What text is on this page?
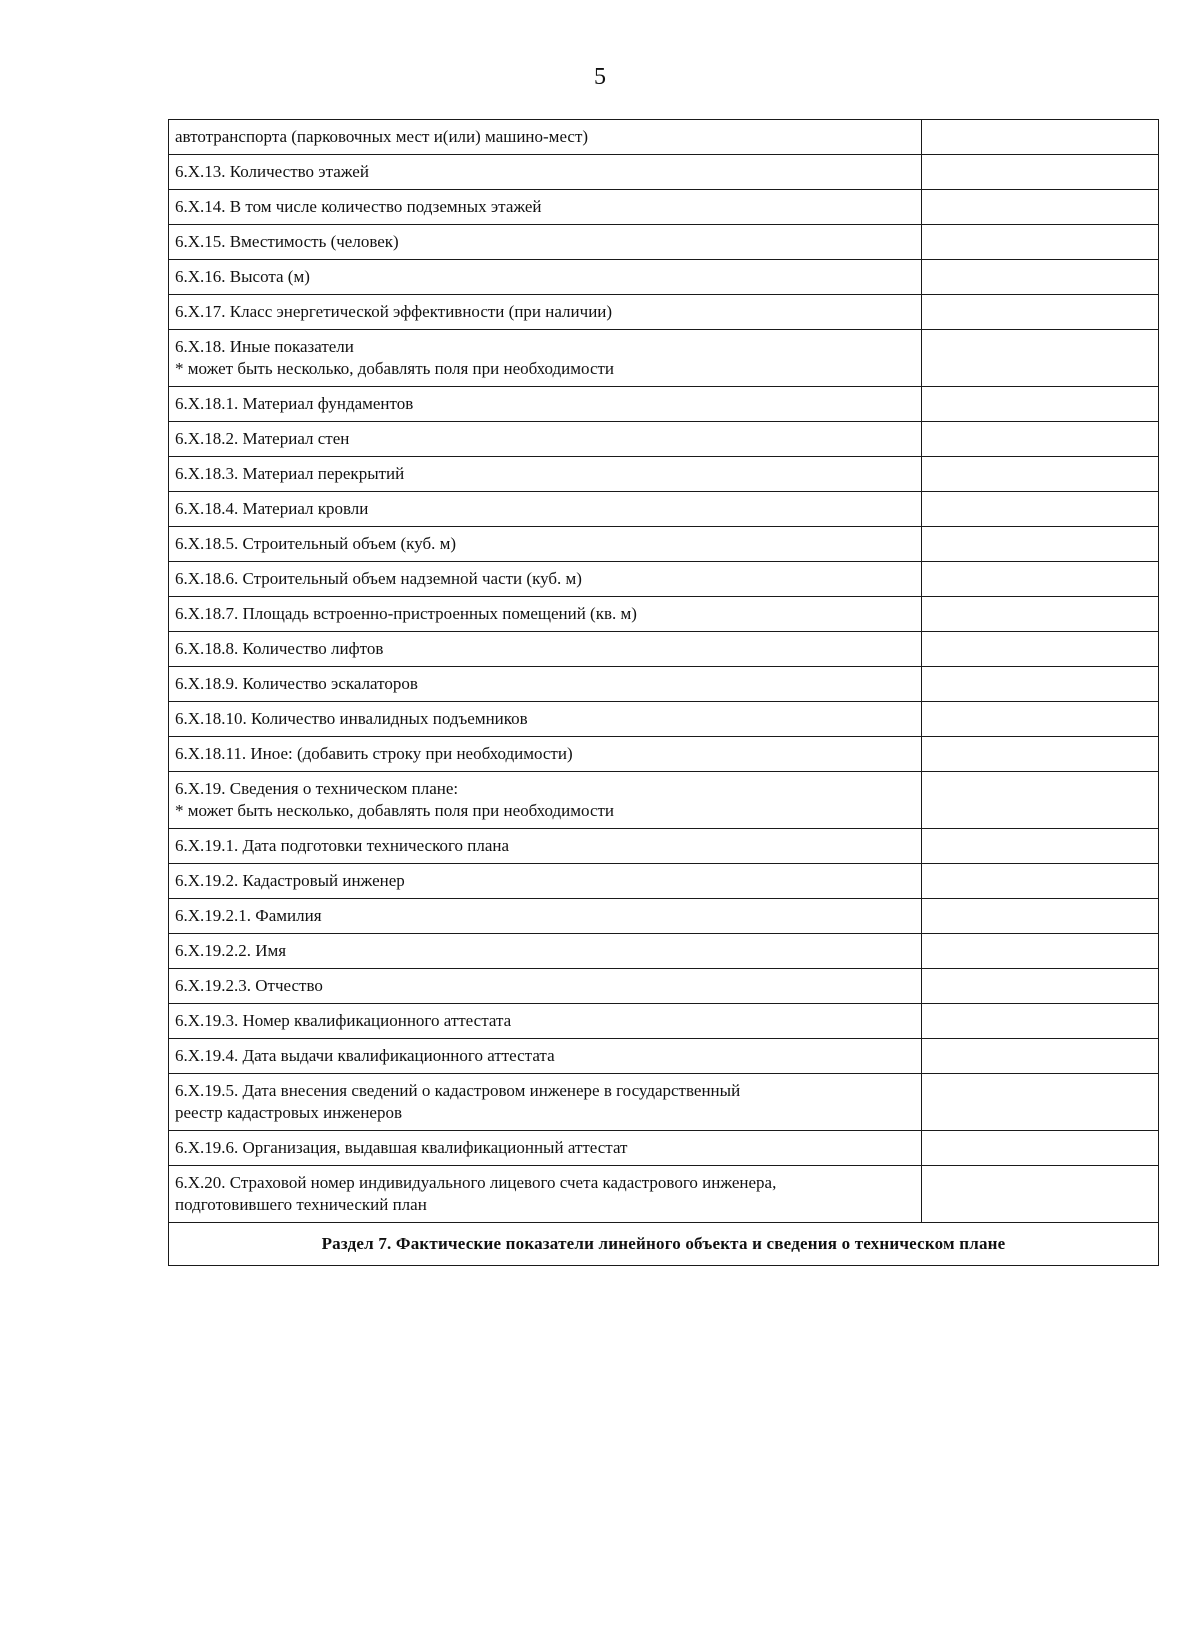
5
автотранспорта (парковочных мест и(или) машино-мест)	

6.X.13. Количество этажей	

6.X.14. В том числе количество подземных этажей	

6.X.15. Вместимость (человек)	

6.X.16. Высота (м)	

6.X.17. Класс энергетической эффективности (при наличии)	

6.X.18. Иные показатели
* может быть несколько, добавлять поля при необходимости	

6.X.18.1. Материал фундаментов	

6.X.18.2. Материал стен	

6.X.18.3. Материал перекрытий	

6.X.18.4. Материал кровли	

6.X.18.5. Строительный объем (куб. м)	

6.X.18.6. Строительный объем надземной части (куб. м)	

6.X.18.7. Площадь встроенно-пристроенных помещений (кв. м)	

6.X.18.8. Количество лифтов	

6.X.18.9. Количество эскалаторов	

6.X.18.10. Количество инвалидных подъемников	

6.X.18.11. Иное: (добавить строку при необходимости)	

6.X.19. Сведения о техническом плане:
* может быть несколько, добавлять поля при необходимости	

6.X.19.1. Дата подготовки технического плана	

6.X.19.2. Кадастровый инженер	

6.X.19.2.1. Фамилия	

6.X.19.2.2. Имя	

6.X.19.2.3. Отчество	

6.X.19.3. Номер квалификационного аттестата	

6.X.19.4. Дата выдачи квалификационного аттестата	

6.X.19.5. Дата внесения сведений о кадастровом инженере в государственный
реестр кадастровых инженеров	

6.X.19.6. Организация, выдавшая квалификационный аттестат	

6.X.20. Страховой номер индивидуального лицевого счета кадастрового инженера,
подготовившего технический план	

Раздел 7. Фактические показатели линейного объекта и сведения о техническом плане	
